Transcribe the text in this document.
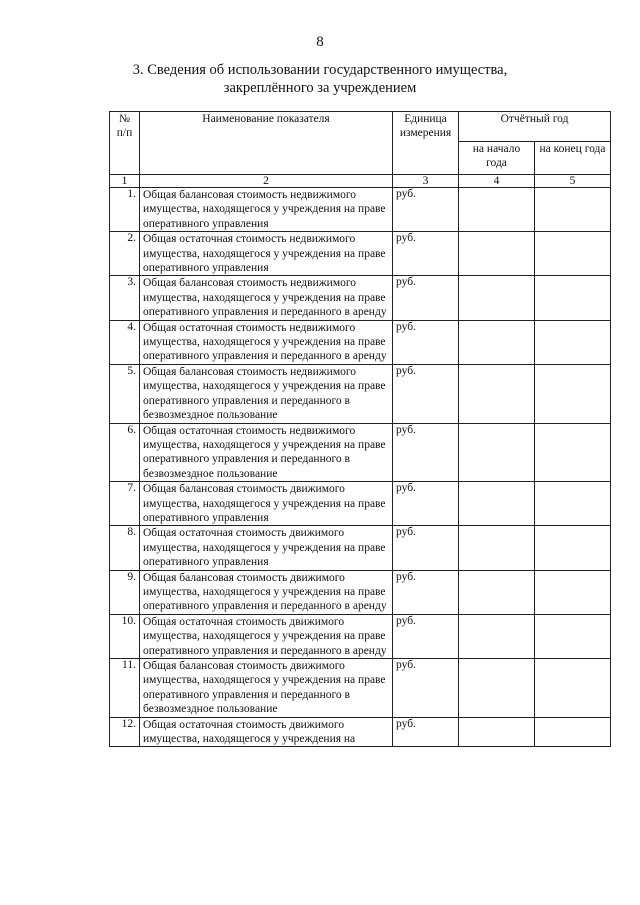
8
3. Сведения об использовании государственного имущества,
закреплённого за учреждением
№ п/п	Наименование показателя	Единица измерения	Отчётный год	
			на начало года	на конец года
1	2	3	4	5
1.	Общая балансовая стоимость недвижимого имущества, находящегося у учреждения на праве оперативного управления	руб.		
2.	Общая остаточная стоимость недвижимого имущества, находящегося у учреждения на праве оперативного управления	руб.		
3.	Общая балансовая стоимость недвижимого имущества, находящегося у учреждения на праве оперативного управления и переданного в аренду	руб.		
4.	Общая остаточная стоимость недвижимого имущества, находящегося у учреждения на праве оперативного управления и переданного в аренду	руб.		
5.	Общая балансовая стоимость недвижимого имущества, находящегося у учреждения на праве оперативного управления и переданного в безвозмездное пользование	руб.		
6.	Общая остаточная стоимость недвижимого имущества, находящегося у учреждения на праве оперативного управления и переданного в безвозмездное пользование	руб.		
7.	Общая балансовая стоимость движимого имущества, находящегося у учреждения на праве оперативного управления	руб.		
8.	Общая остаточная стоимость движимого имущества, находящегося у учреждения на праве оперативного управления	руб.		
9.	Общая балансовая стоимость движимого имущества, находящегося у учреждения на праве оперативного управления и переданного в аренду	руб.		
10.	Общая остаточная стоимость движимого имущества, находящегося у учреждения на праве оперативного управления и переданного в аренду	руб.		
11.	Общая балансовая стоимость движимого имущества, находящегося у учреждения на праве оперативного управления и переданного в безвозмездное пользование	руб.		
12.	Общая остаточная стоимость движимого имущества, находящегося у учреждения на	руб.		
